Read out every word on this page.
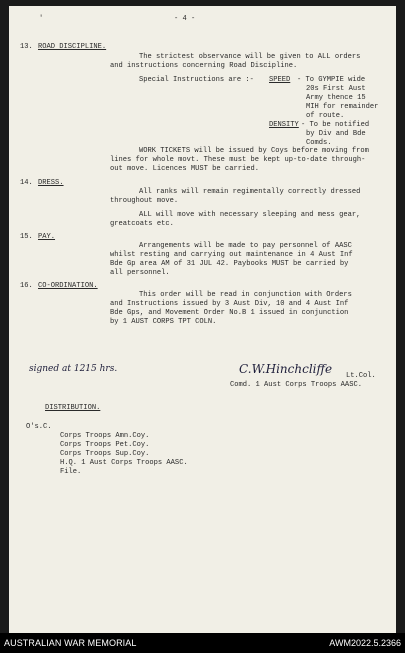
'	- 4 -
13. ROAD DISCIPLINE.
The strictest observance will be given to ALL orders
and instructions concerning Road Discipline.
Special Instructions are :- SPEED - To GYMPIE wide
20s First Aust
Army thence 15
MIH for remainder
of route.
DENSITY - To be notified
by Div and Bde
Comds.
WORK TICKETS will be issued by Coys before moving from
lines for whole movt. These must be kept up-to-date through-
out move. Licences MUST be carried.
14. DRESS.
All ranks will remain regimentally correctly dressed
throughout move.
ALL will move with necessary sleeping and mess gear,
greatcoats etc.
15. PAY.
Arrangements will be made to pay personnel of AASC
whilst resting and carrying out maintenance in 4 Aust Inf
Bde Gp area AM of 31 JUL 42. Paybooks MUST be carried by
all personnel.
16. CO-ORDINATION.
This order will be read in conjunction with Orders
and Instructions issued by 3 Aust Div, 10 and 4 Aust Inf
Bde Gps, and Movement Order No.B 1 issued in conjunction
by 1 AUST CORPS TPT COLN.
signed at 1215 hrs.	C.W.Hinchcliffe Lt.Col.
Comd. 1 Aust Corps Troops AASC.
DISTRIBUTION.
O's.C.
Corps Troops Amn.Coy.
Corps Troops Pet.Coy.
Corps Troops Sup.Coy.
H.Q. 1 Aust Corps Troops AASC.
File.
AUSTRALIAN WAR MEMORIAL	AWM2022.5.2366
